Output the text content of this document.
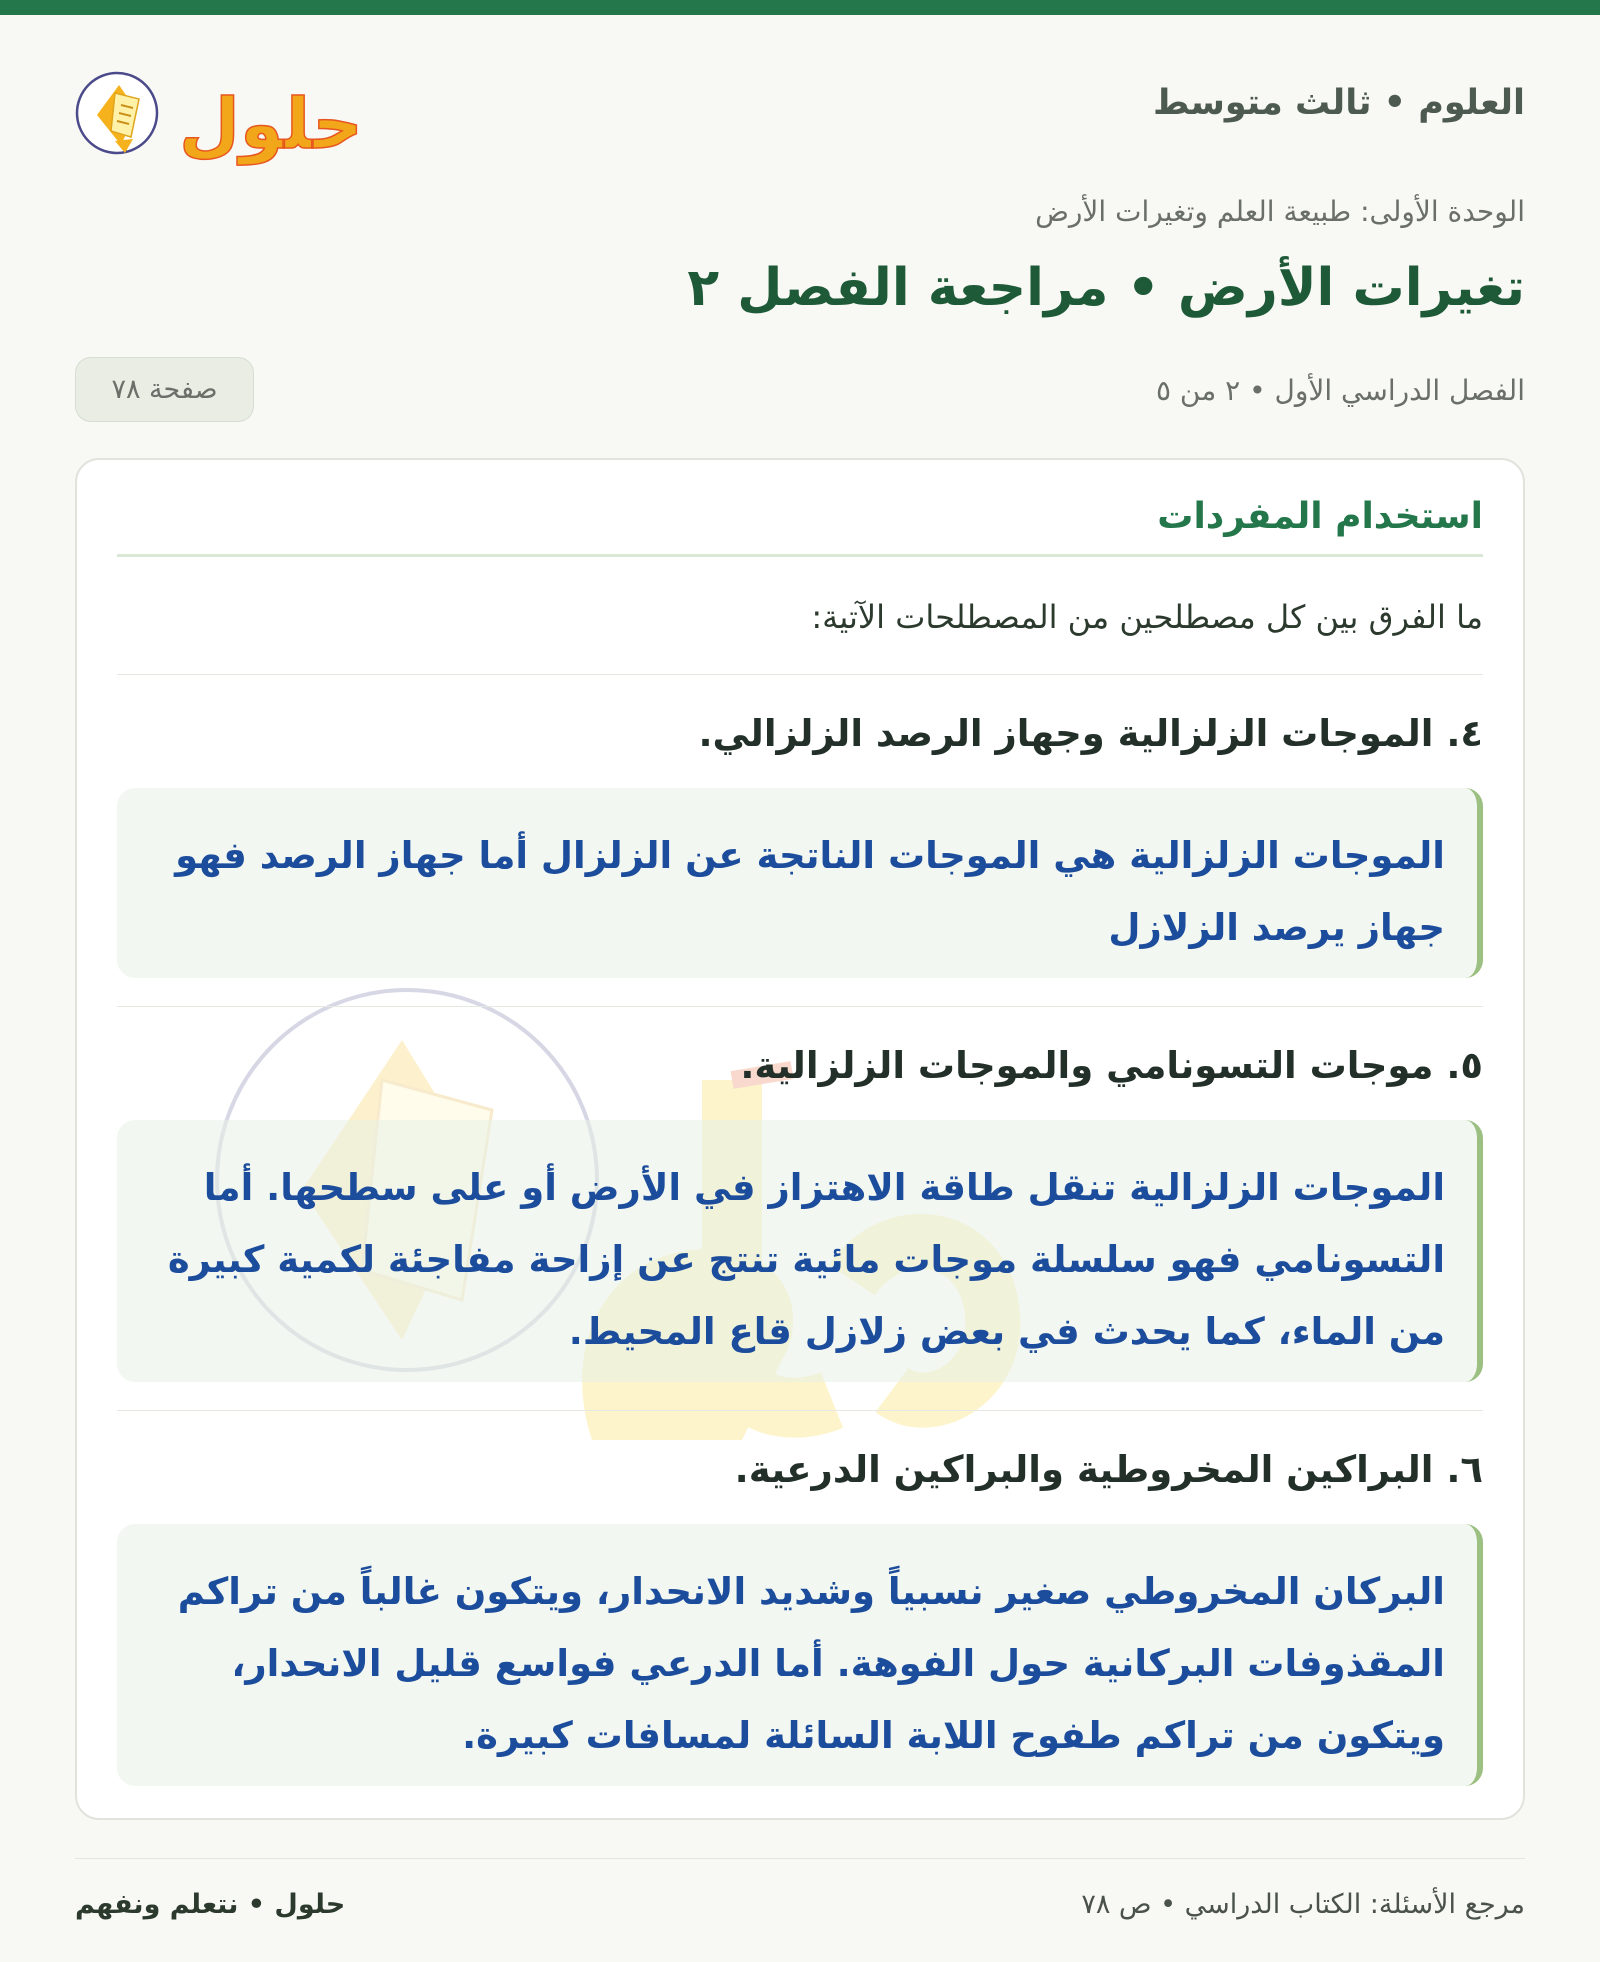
العلوم • ثالث متوسط
حلول
الوحدة الأولى: طبيعة العلم وتغيرات الأرض
تغيرات الأرض • مراجعة الفصل ٢
الفصل الدراسي الأول • ٢ من ٥
صفحة ٧٨
استخدام المفردات
ما الفرق بين كل مصطلحين من المصطلحات الآتية:
٤. الموجات الزلزالية وجهاز الرصد الزلزالي.
الموجات الزلزالية هي الموجات الناتجة عن الزلزال أما جهاز الرصد فهو جهاز يرصد الزلازل
٥. موجات التسونامي والموجات الزلزالية.
الموجات الزلزالية تنقل طاقة الاهتزاز في الأرض أو على سطحها. أما التسونامي فهو سلسلة موجات مائية تنتج عن إزاحة مفاجئة لكمية كبيرة من الماء، كما يحدث في بعض زلازل قاع المحيط.
٦. البراكين المخروطية والبراكين الدرعية.
البركان المخروطي صغير نسبياً وشديد الانحدار، ويتكون غالباً من تراكم المقذوفات البركانية حول الفوهة. أما الدرعي فواسع قليل الانحدار، ويتكون من تراكم طفوح اللابة السائلة لمسافات كبيرة.
مرجع الأسئلة: الكتاب الدراسي • ص ٧٨
حلول • نتعلم ونفهم
